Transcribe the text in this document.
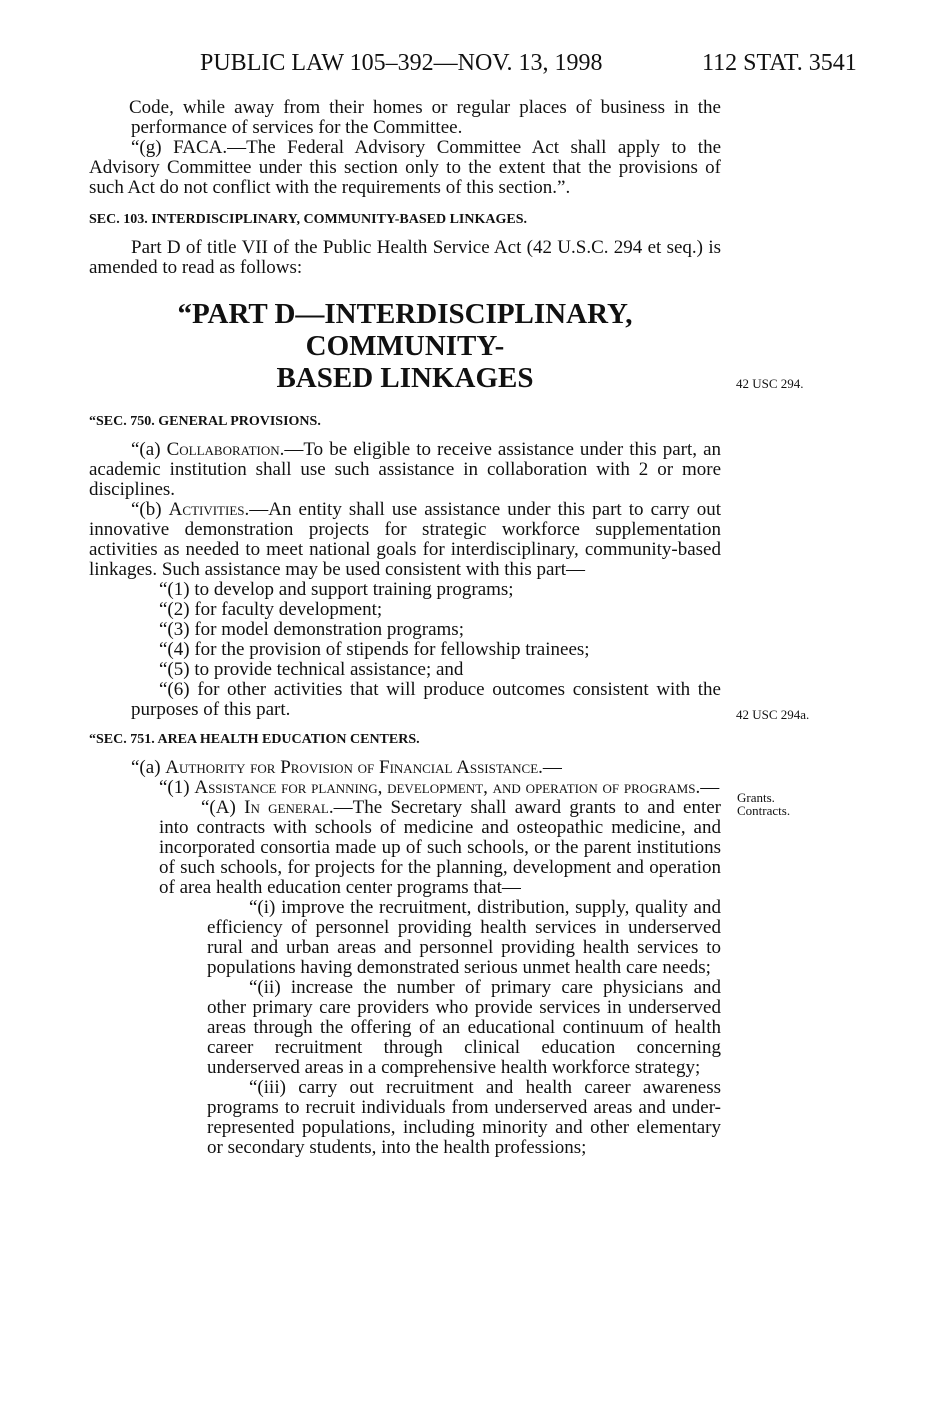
PUBLIC LAW 105–392—NOV. 13, 1998	112 STAT. 3541
42 USC 294.
42 USC 294a.
Grants.
Contracts.

Code, while away from their homes or regular places of business in the performance of services for the Committee.

“(g) FACA.—The Federal Advisory Committee Act shall apply to the Advisory Committee under this section only to the extent that the provisions of such Act do not conflict with the requirements of this section.”.

SEC. 103. INTERDISCIPLINARY, COMMUNITY-BASED LINKAGES.

Part D of title VII of the Public Health Service Act (42 U.S.C. 294 et seq.) is amended to read as follows:

“PART D—INTERDISCIPLINARY, COMMUNITY-
BASED LINKAGES
“SEC. 750. GENERAL PROVISIONS.

“(a) Collaboration.—To be eligible to receive assistance under this part, an academic institution shall use such assistance in collaboration with 2 or more disciplines.

“(b) Activities.—An entity shall use assistance under this part to carry out innovative demonstration projects for strategic workforce supplementation activities as needed to meet national goals for interdisciplinary, community-based linkages. Such assistance may be used consistent with this part—

“(1) to develop and support training programs;

“(2) for faculty development;

“(3) for model demonstration programs;

“(4) for the provision of stipends for fellowship trainees;

“(5) to provide technical assistance; and

“(6) for other activities that will produce outcomes consistent with the purposes of this part.

“SEC. 751. AREA HEALTH EDUCATION CENTERS.

“(a) Authority for Provision of Financial Assistance.—

“(1) Assistance for planning, development, and operation of programs.—

“(A) In general.—The Secretary shall award grants to and enter into contracts with schools of medicine and osteopathic medicine, and incorporated consortia made up of such schools, or the parent institutions of such schools, for projects for the planning, development and operation of area health education center programs that—

“(i) improve the recruitment, distribution, supply, quality and efficiency of personnel providing health services in underserved rural and urban areas and personnel providing health services to populations having demonstrated serious unmet health care needs;

“(ii) increase the number of primary care physicians and other primary care providers who provide services in underserved areas through the offering of an educational continuum of health career recruitment through clinical education concerning underserved areas in a comprehensive health workforce strategy;

“(iii) carry out recruitment and health career awareness programs to recruit individuals from underserved areas and under-represented populations, including minority and other elementary or secondary students, into the health professions;
